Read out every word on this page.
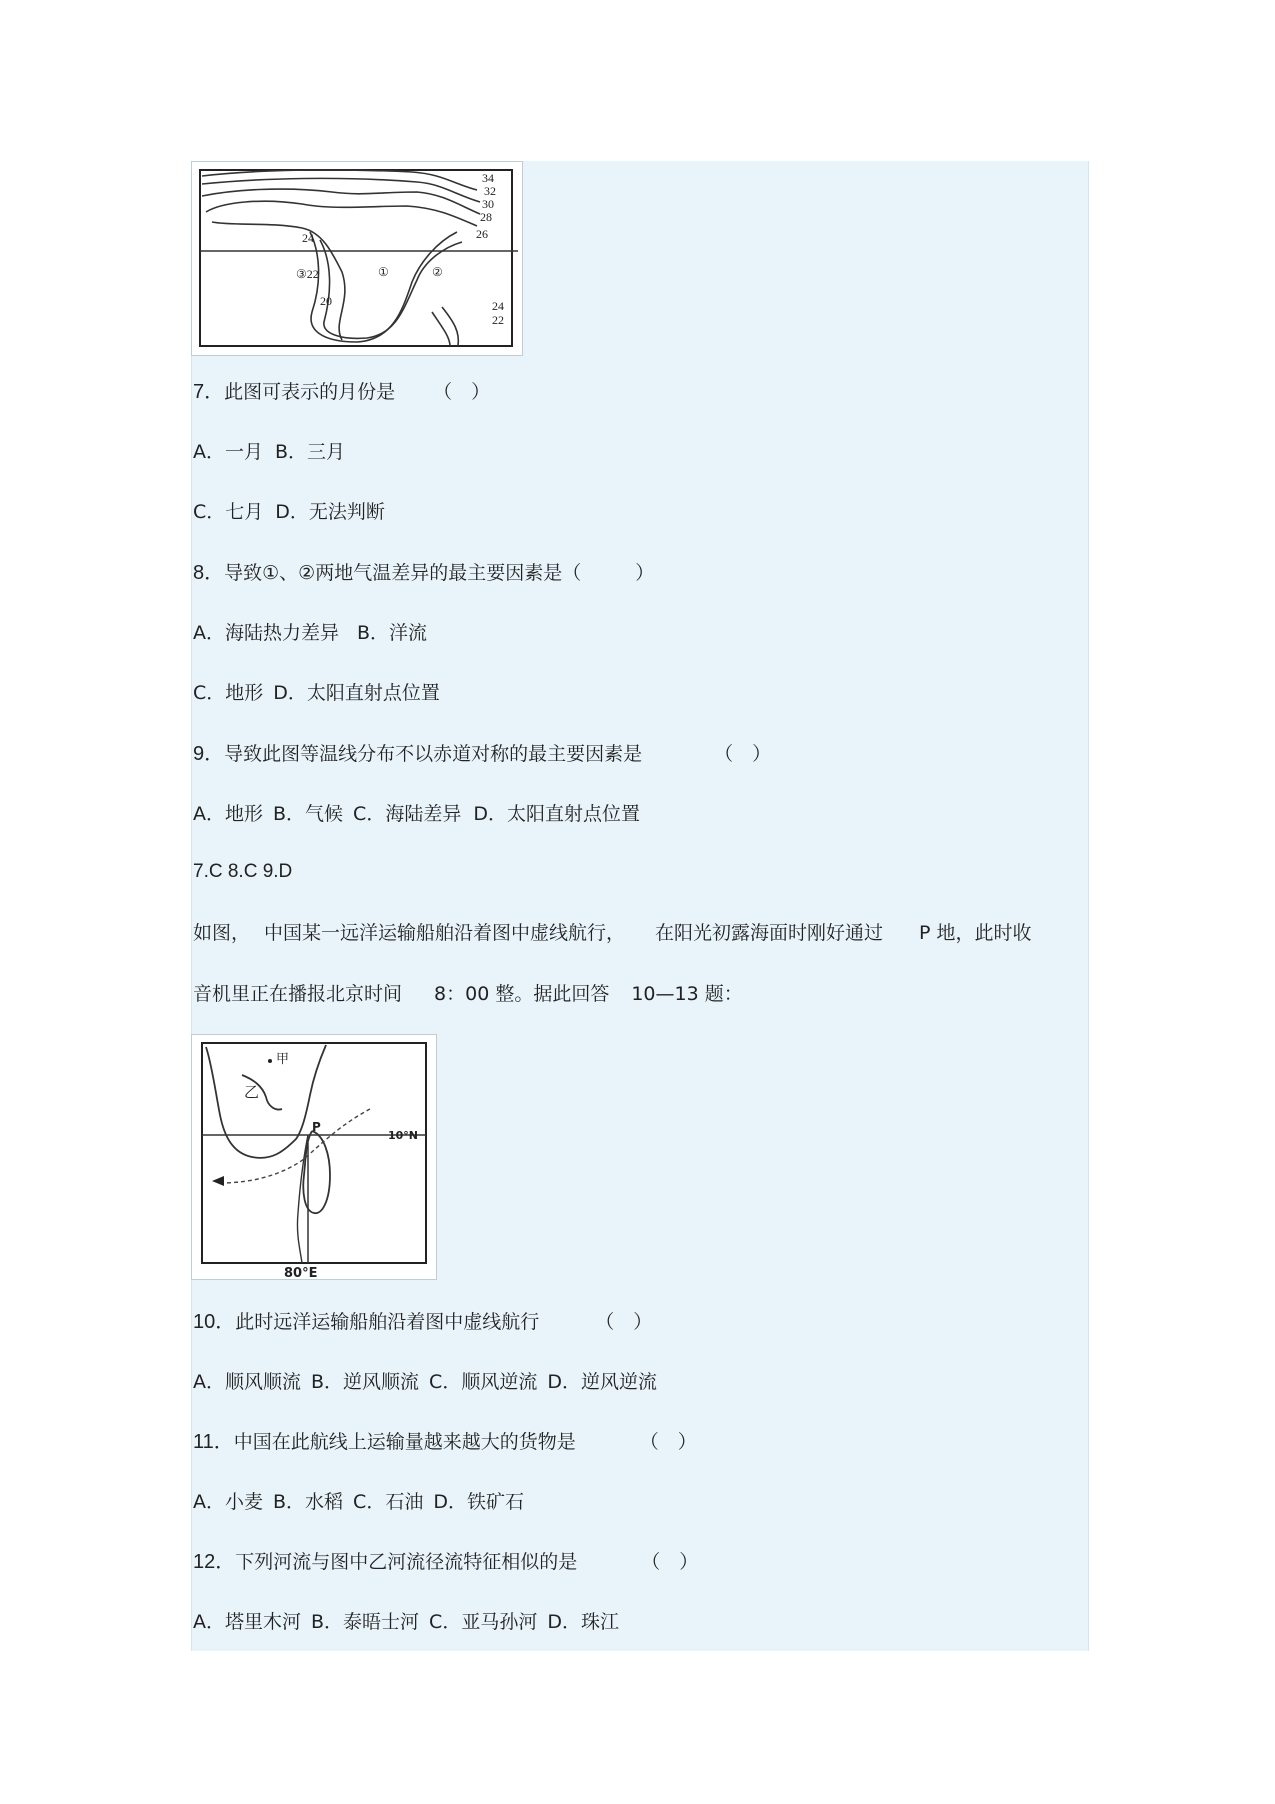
34
32
30
28
26
24
③22	①	②
20	24
22
7．此图可表示的月份是 （　）
A．一月 B．三月
C．七月 D．无法判断
8．导致①、②两地气温差异的最主要因素是（	）
A．海陆热力差异 B．洋流
C．地形 D．太阳直射点位置
9．导致此图等温线分布不以赤道对称的最主要因素是	（　）
A．地形 B．气候 C．海陆差异 D．太阳直射点位置
7.C 8.C 9.D
如图， 中国某一远洋运输船舶沿着图中虚线航行， 在阳光初露海面时刚好通过 P 地，此时收
音机里正在播报北京时间 8：00 整。据此回答 10—13 题：
甲
乙
P
10°N
80°E
10．此时远洋运输船舶沿着图中虚线航行	（　）
A．顺风顺流 B．逆风顺流 C．顺风逆流 D．逆风逆流
11．中国在此航线上运输量越来越大的货物是	（　）
A．小麦 B．水稻 C．石油 D．铁矿石
12．下列河流与图中乙河流径流特征相似的是	（　）
A．塔里木河 B．泰晤士河 C．亚马孙河 D．珠江
